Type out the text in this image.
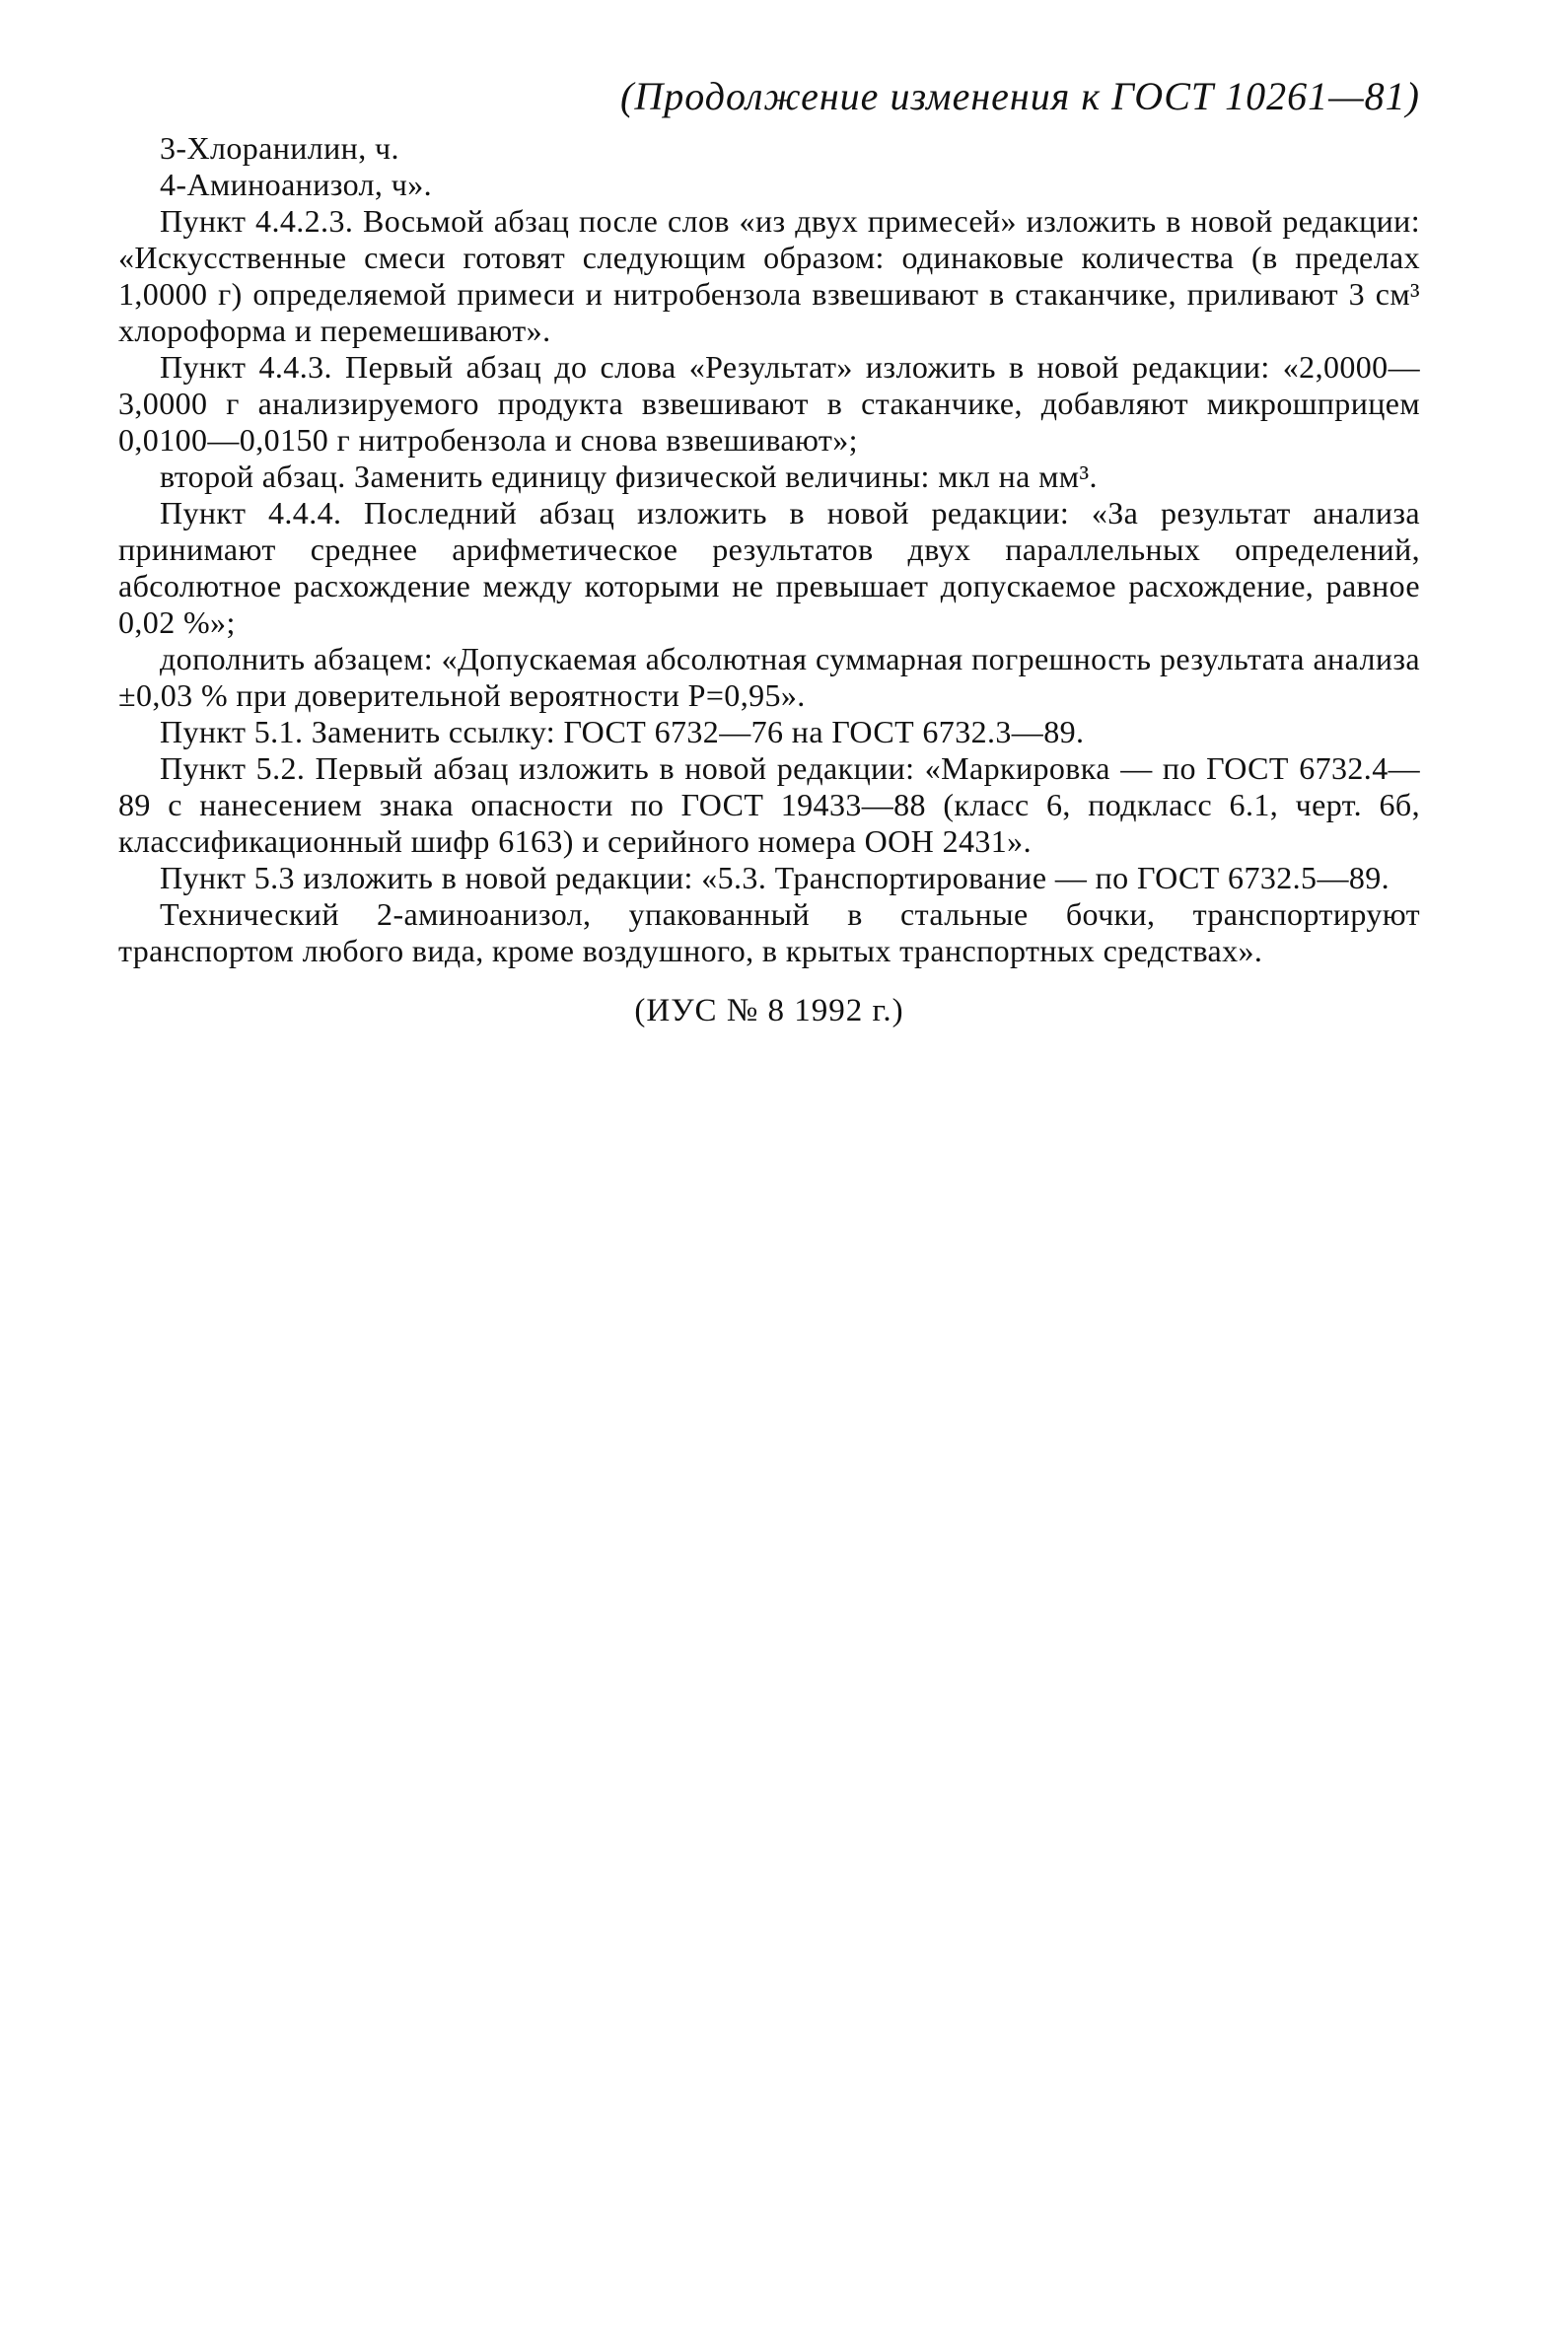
(Продолжение изменения к ГОСТ 10261—81)

3-Хлоранилин, ч.

4-Аминоанизол, ч».

Пункт 4.4.2.3. Восьмой абзац после слов «из двух примесей» изложить в новой редакции: «Искусственные смеси готовят следующим образом: одинаковые количества (в пределах 1,0000 г) определяемой примеси и нитробензола взвешивают в стаканчике, приливают 3 см³ хлороформа и перемешивают».

Пункт 4.4.3. Первый абзац до слова «Результат» изложить в новой редакции: «2,0000—3,0000 г анализируемого продукта взвешивают в стаканчике, добавляют микрошприцем 0,0100—0,0150 г нитробензола и снова взвешивают»;

второй абзац. Заменить единицу физической величины: мкл на мм³.

Пункт 4.4.4. Последний абзац изложить в новой редакции: «За результат анализа принимают среднее арифметическое результатов двух параллельных определений, абсолютное расхождение между которыми не превышает допускаемое расхождение, равное 0,02 %»;

дополнить абзацем: «Допускаемая абсолютная суммарная погрешность результата анализа ±0,03 % при доверительной вероятности P=0,95».

Пункт 5.1. Заменить ссылку: ГОСТ 6732—76 на ГОСТ 6732.3—89.

Пункт 5.2. Первый абзац изложить в новой редакции: «Маркировка — по ГОСТ 6732.4—89 с нанесением знака опасности по ГОСТ 19433—88 (класс 6, подкласс 6.1, черт. 6б, классификационный шифр 6163) и серийного номера ООН 2431».

Пункт 5.3 изложить в новой редакции: «5.3. Транспортирование — по ГОСТ 6732.5—89.

Технический 2-аминоанизол, упакованный в стальные бочки, транспортируют транспортом любого вида, кроме воздушного, в крытых транспортных средствах».

(ИУС № 8 1992 г.)
